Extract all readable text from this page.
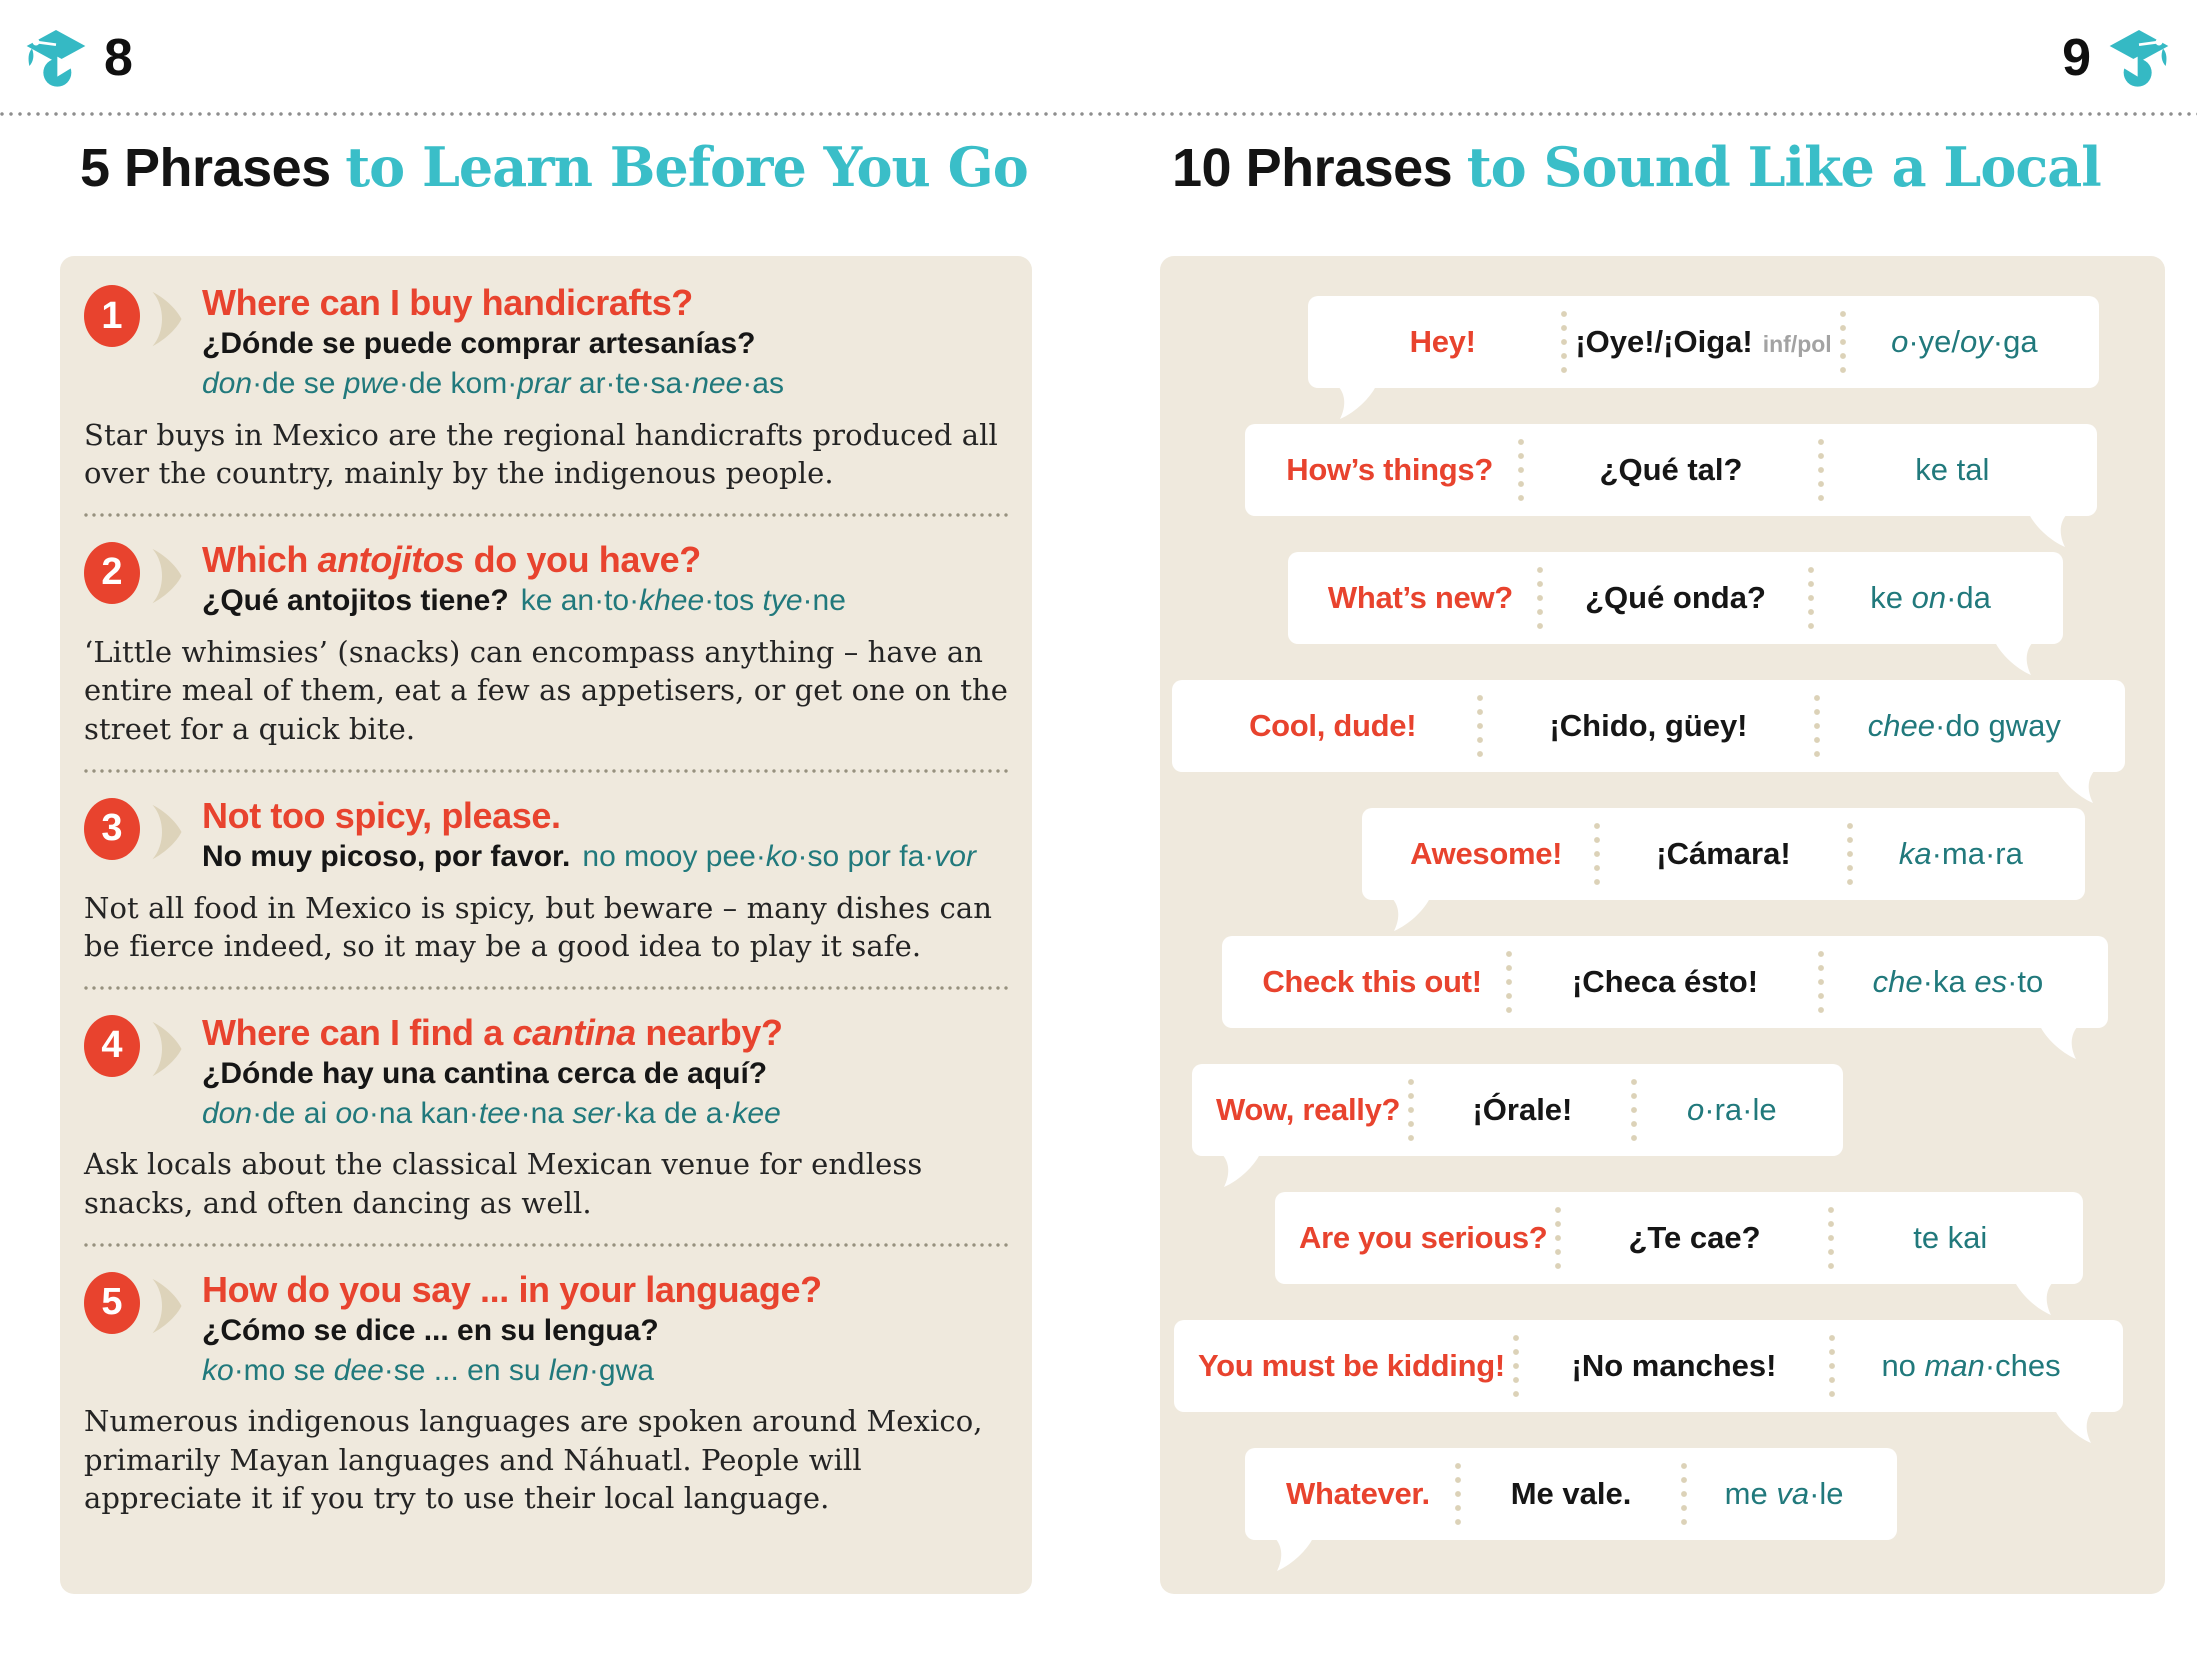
8	9
5 Phrases to Learn Before You Go	10 Phrases to Sound Like a Local
1	Where can I buy handicrafts?
¿Dónde se puede comprar artesanías?
don·de se pwe·de kom·prar ar·te·sa·nee·as
Star buys in Mexico are the regional handicrafts produced all over the country, mainly by the indigenous people.
2	Which antojitos do you have?
¿Qué antojitos tiene? ke an·to·khee·tos tye·ne
‘Little whimsies’ (snacks) can encompass anything – have an entire meal of them, eat a few as appetisers, or get one on the street for a quick bite.
3	Not too spicy, please.
No muy picoso, por favor. no mooy pee·ko·so por fa·vor
Not all food in Mexico is spicy, but beware – many dishes can be fierce indeed, so it may be a good idea to play it safe.
4	Where can I find a cantina nearby?
¿Dónde hay una cantina cerca de aquí?
don·de ai oo·na kan·tee·na ser·ka de a·kee
Ask locals about the classical Mexican venue for endless snacks, and often dancing as well.
5	How do you say ... in your language?
¿Cómo se dice ... en su lengua?
ko·mo se dee·se ... en su len·gwa
Numerous indigenous languages are spoken around Mexico, primarily Mayan languages and Náhuatl. People will appreciate it if you try to use their local language.
Hey!	¡Oye!/¡Oiga! inf/pol	o·ye/oy·ga
How’s things?	¿Qué tal?	ke tal
What’s new?	¿Qué onda?	ke on·da
Cool, dude!	¡Chido, güey!	chee·do gway
Awesome!	¡Cámara!	ka·ma·ra
Check this out!	¡Checa ésto!	che·ka es·to
Wow, really?	¡Órale!	o·ra·le
Are you serious?	¿Te cae?	te kai
You must be kidding!	¡No manches!	no man·ches
Whatever.	Me vale.	me va·le
